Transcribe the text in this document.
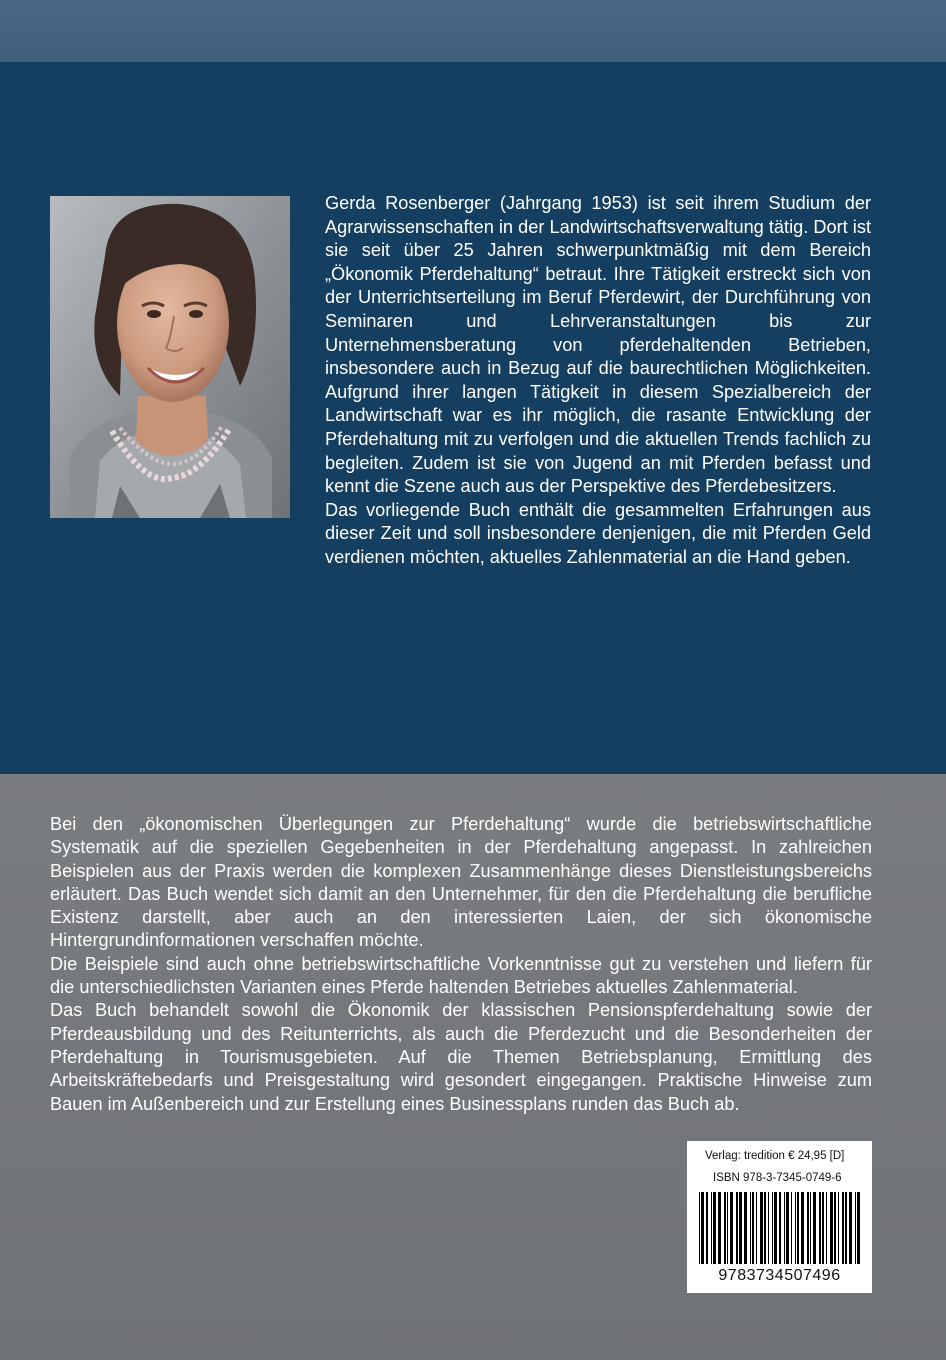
Gerda Rosenberger (Jahrgang 1953) ist seit ihrem Studium der Agrarwissenschaften in der Landwirtschaftsverwaltung tätig. Dort ist sie seit über 25 Jahren schwerpunktmäßig mit dem Bereich „Ökonomik Pferdehaltung“ betraut. Ihre Tätigkeit erstreckt sich von der Unterrichtserteilung im Beruf Pferdewirt, der Durchführung von Seminaren und Lehrveranstaltungen bis zur Unternehmensberatung von pferdehaltenden Betrieben, insbesondere auch in Bezug auf die baurechtlichen Möglichkeiten. Aufgrund ihrer langen Tätigkeit in diesem Spezialbereich der Landwirtschaft war es ihr möglich, die rasante Entwicklung der Pferdehaltung mit zu verfolgen und die aktuellen Trends fachlich zu begleiten. Zudem ist sie von Jugend an mit Pferden befasst und kennt die Szene auch aus der Perspektive des Pferdebesitzers.

Das vorliegende Buch enthält die gesammelten Erfahrungen aus dieser Zeit und soll insbesondere denjenigen, die mit Pferden Geld verdienen möchten, aktuelles Zahlenmaterial an die Hand geben.

Bei den „ökonomischen Überlegungen zur Pferdehaltung“ wurde die betriebswirtschaftliche Systematik auf die speziellen Gegebenheiten in der Pferdehaltung angepasst. In zahlreichen Beispielen aus der Praxis werden die komplexen Zusammenhänge dieses Dienstleistungsbereichs erläutert. Das Buch wendet sich damit an den Unternehmer, für den die Pferdehaltung die berufliche Existenz darstellt, aber auch an den interessierten Laien, der sich ökonomische Hintergrundinformationen verschaffen möchte.

Die Beispiele sind auch ohne betriebswirtschaftliche Vorkenntnisse gut zu verstehen und liefern für die unterschiedlichsten Varianten eines Pferde haltenden Betriebes aktuelles Zahlenmaterial.

Das Buch behandelt sowohl die Ökonomik der klassischen Pensionspferdehaltung sowie der Pferdeausbildung und des Reitunterrichts, als auch die Pferdezucht und die Besonderheiten der Pferdehaltung in Tourismusgebieten. Auf die Themen Betriebsplanung, Ermittlung des Arbeitskräftebedarfs und Preisgestaltung wird gesondert eingegangen. Praktische Hinweise zum Bauen im Außenbereich und zur Erstellung eines Businessplans runden das Buch ab.

Verlag: tredition € 24,95 [D]
ISBN 978-3-7345-0749-6
9783734507496
